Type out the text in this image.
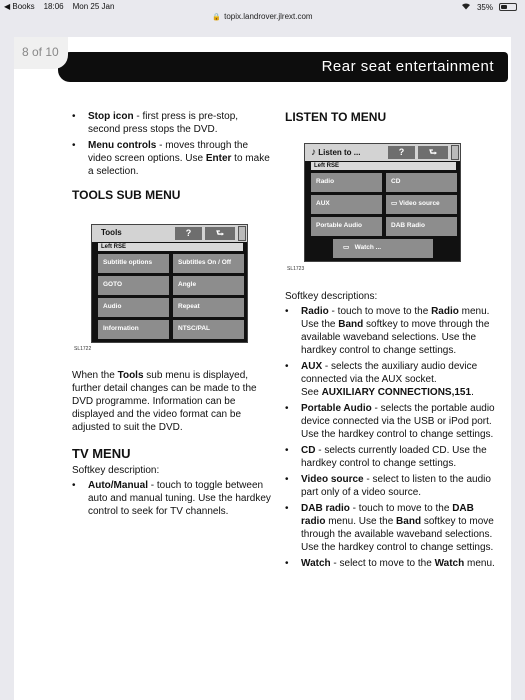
◀ Books 18:06 Mon 25 Jan	35%
🔒 topix.landrover.jlrext.com
Rear seat entertainment
8 of 10
• Stop icon - first press is pre-stop, second press stops the DVD.
• Menu controls - moves through the video screen options. Use Enter to make a selection.
TOOLS SUB MENU
Tools	?	⮑
Left RSE
Subtitle options	Subtitles On / Off
GOTO	Angle
Audio	Repeat
Information	NTSC/PAL
SL1722
When the Tools sub menu is displayed, further detail changes can be made to the DVD programme. Information can be displayed and the video format can be adjusted to suit the DVD.
TV MENU
Softkey description:
• Auto/Manual - touch to toggle between auto and manual tuning. Use the hardkey control to seek for TV channels.
LISTEN TO MENU
♪ Listen to ...	?	⮑
Left RSE
Radio	CD
AUX	▭ Video source
Portable Audio	DAB Radio
▭ Watch ...
SL1723
Softkey descriptions:
• Radio - touch to move to the Radio menu. Use the Band softkey to move through the available waveband selections. Use the hardkey control to change settings.
• AUX - selects the auxiliary audio device connected via the AUX socket.
See AUXILIARY CONNECTIONS,151.
• Portable Audio - selects the portable audio device connected via the USB or iPod port. Use the hardkey control to change settings.
• CD - selects currently loaded CD. Use the hardkey control to change settings.
• Video source - select to listen to the audio part only of a video source.
• DAB radio - touch to move to the DAB radio menu. Use the Band softkey to move through the available waveband selections. Use the hardkey control to change settings.
• Watch - select to move to the Watch menu.
